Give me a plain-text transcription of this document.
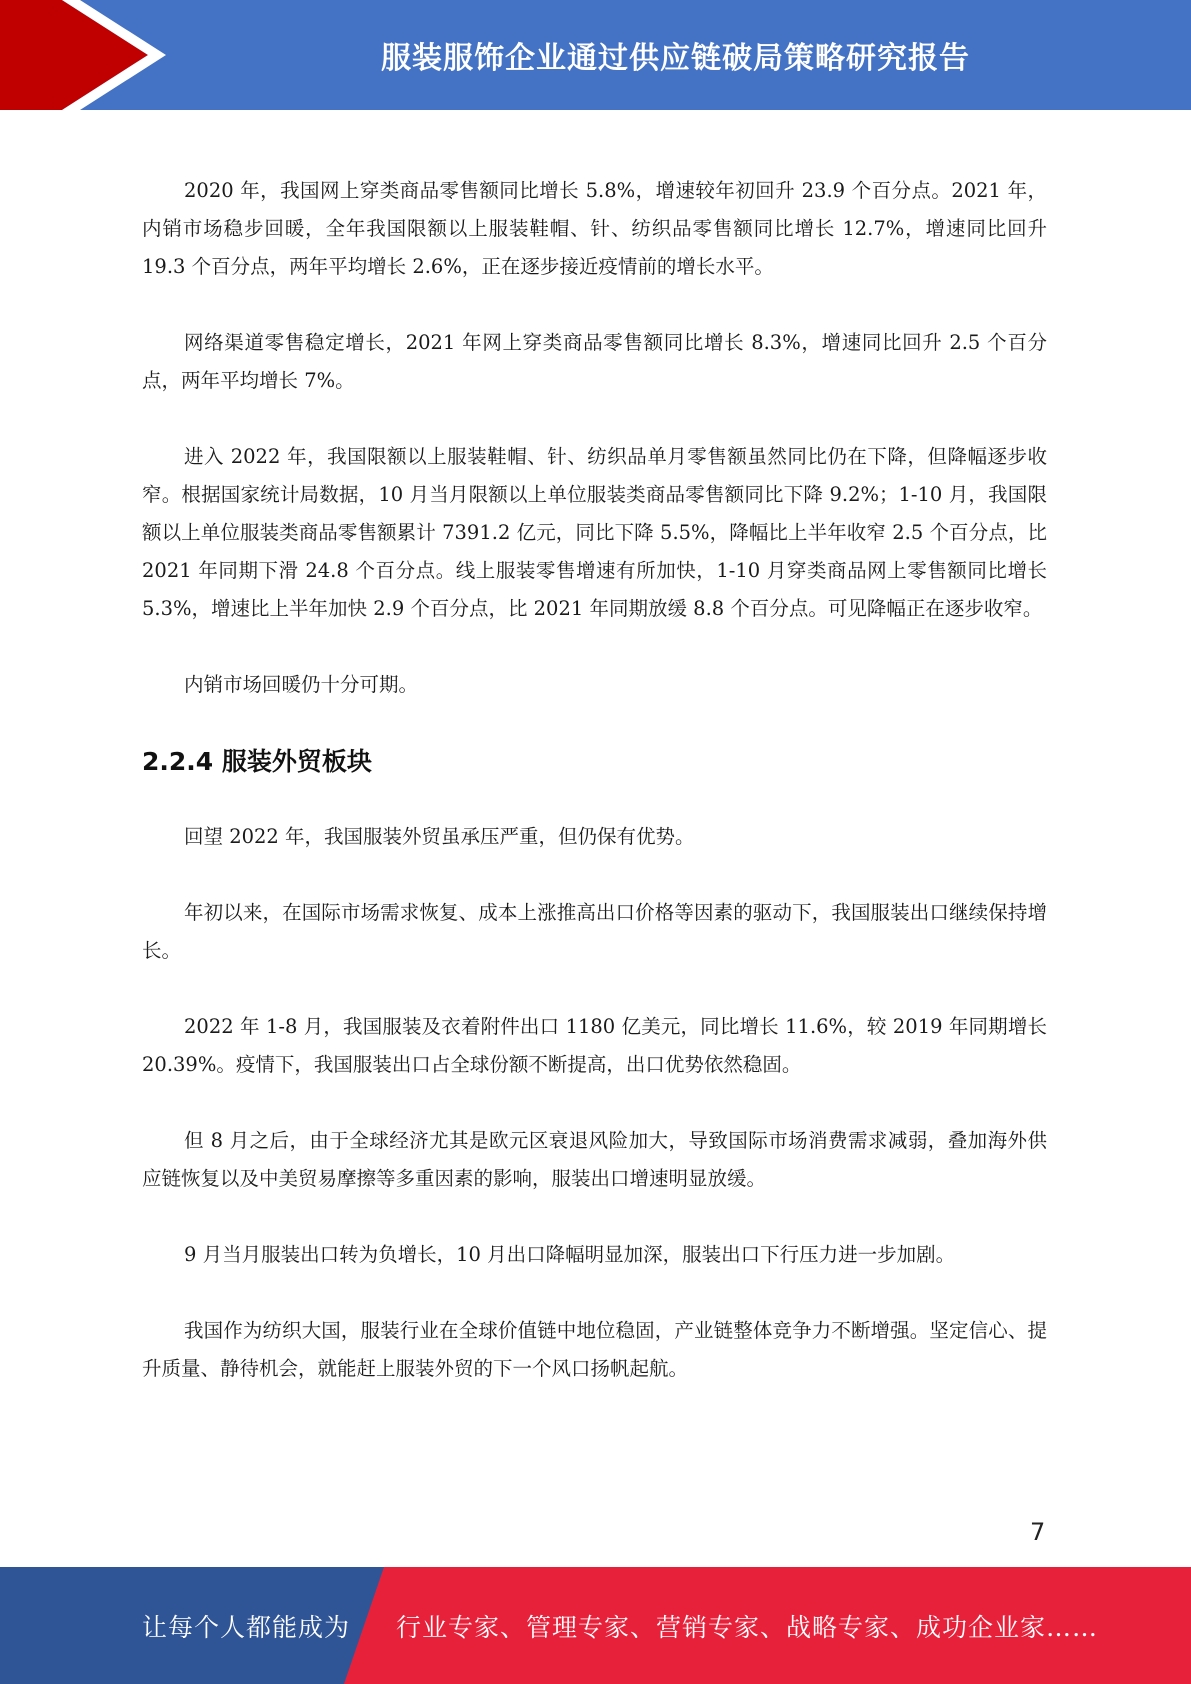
服装服饰企业通过供应链破局策略研究报告

2020 年，我国网上穿类商品零售额同比增长 5.8%，增速较年初回升 23.9 个百分点。2021 年，内销市场稳步回暖，全年我国限额以上服装鞋帽、针、纺织品零售额同比增长 12.7%，增速同比回升 19.3 个百分点，两年平均增长 2.6%，正在逐步接近疫情前的增长水平。

网络渠道零售稳定增长，2021 年网上穿类商品零售额同比增长 8.3%，增速同比回升 2.5 个百分点，两年平均增长 7%。

进入 2022 年，我国限额以上服装鞋帽、针、纺织品单月零售额虽然同比仍在下降，但降幅逐步收窄。根据国家统计局数据，10 月当月限额以上单位服装类商品零售额同比下降 9.2%；1-10 月，我国限额以上单位服装类商品零售额累计 7391.2 亿元，同比下降 5.5%，降幅比上半年收窄 2.5 个百分点，比 2021 年同期下滑 24.8 个百分点。线上服装零售增速有所加快，1-10 月穿类商品网上零售额同比增长 5.3%，增速比上半年加快 2.9 个百分点，比 2021 年同期放缓 8.8 个百分点。可见降幅正在逐步收窄。

内销市场回暖仍十分可期。

2.2.4 服装外贸板块

回望 2022 年，我国服装外贸虽承压严重，但仍保有优势。

年初以来，在国际市场需求恢复、成本上涨推高出口价格等因素的驱动下，我国服装出口继续保持增长。

2022 年 1-8 月，我国服装及衣着附件出口 1180 亿美元，同比增长 11.6%，较 2019 年同期增长 20.39%。疫情下，我国服装出口占全球份额不断提高，出口优势依然稳固。

但 8 月之后，由于全球经济尤其是欧元区衰退风险加大，导致国际市场消费需求减弱，叠加海外供应链恢复以及中美贸易摩擦等多重因素的影响，服装出口增速明显放缓。

9 月当月服装出口转为负增长，10 月出口降幅明显加深，服装出口下行压力进一步加剧。

我国作为纺织大国，服装行业在全球价值链中地位稳固，产业链整体竞争力不断增强。坚定信心、提升质量、静待机会，就能赶上服装外贸的下一个风口扬帆起航。

7
让每个人都能成为 行业专家、管理专家、营销专家、战略专家、成功企业家……
